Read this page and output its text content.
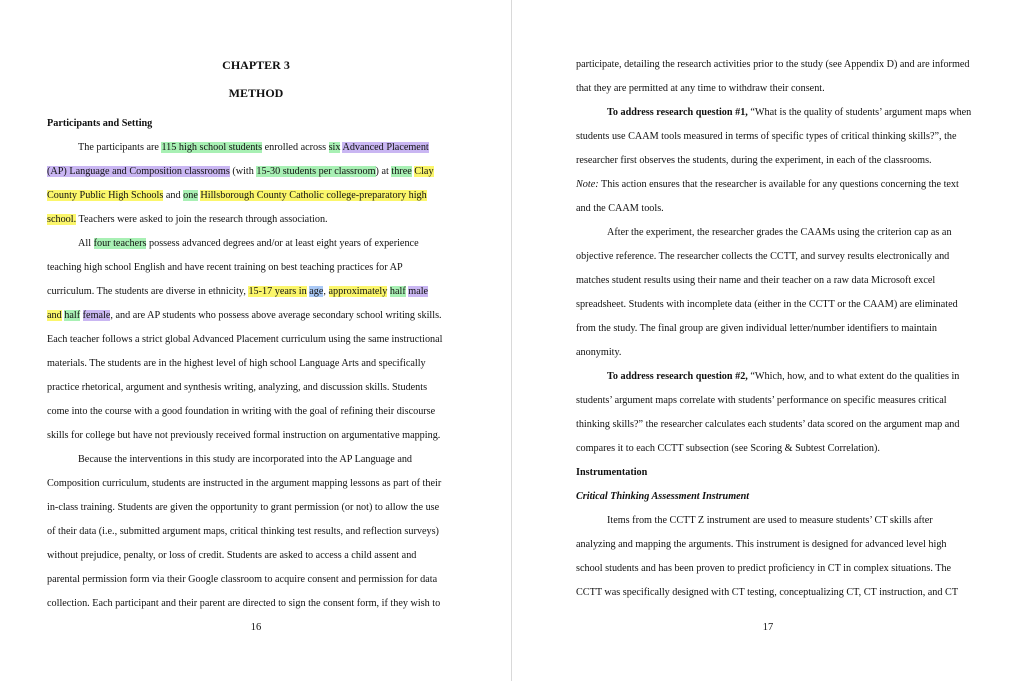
CHAPTER 3
METHOD
Participants and Setting
The participants are 115 high school students enrolled across six Advanced Placement
(AP) Language and Composition classrooms (with 15-30 students per classroom) at three Clay
County Public High Schools and one Hillsborough County Catholic college-preparatory high
school. Teachers were asked to join the research through association.
All four teachers possess advanced degrees and/or at least eight years of experience
teaching high school English and have recent training on best teaching practices for AP
curriculum. The students are diverse in ethnicity, 15-17 years in age, approximately half male
and half female, and are AP students who possess above average secondary school writing skills.
Each teacher follows a strict global Advanced Placement curriculum using the same instructional
materials. The students are in the highest level of high school Language Arts and specifically
practice rhetorical, argument and synthesis writing, analyzing, and discussion skills. Students
come into the course with a good foundation in writing with the goal of refining their discourse
skills for college but have not previously received formal instruction on argumentative mapping.
Because the interventions in this study are incorporated into the AP Language and
Composition curriculum, students are instructed in the argument mapping lessons as part of their
in-class training. Students are given the opportunity to grant permission (or not) to allow the use
of their data (i.e., submitted argument maps, critical thinking test results, and reflection surveys)
without prejudice, penalty, or loss of credit. Students are asked to access a child assent and
parental permission form via their Google classroom to acquire consent and permission for data
collection. Each participant and their parent are directed to sign the consent form, if they wish to
16
participate, detailing the research activities prior to the study (see Appendix D) and are informed
that they are permitted at any time to withdraw their consent.
To address research question #1, “What is the quality of students’ argument maps when
students use CAAM tools measured in terms of specific types of critical thinking skills?”, the
researcher first observes the students, during the experiment, in each of the classrooms.
Note: This action ensures that the researcher is available for any questions concerning the text
and the CAAM tools.
After the experiment, the researcher grades the CAAMs using the criterion cap as an
objective reference. The researcher collects the CCTT, and survey results electronically and
matches student results using their name and their teacher on a raw data Microsoft excel
spreadsheet. Students with incomplete data (either in the CCTT or the CAAM) are eliminated
from the study. The final group are given individual letter/number identifiers to maintain
anonymity.
To address research question #2, “Which, how, and to what extent do the qualities in
students’ argument maps correlate with students’ performance on specific measures critical
thinking skills?” the researcher calculates each students’ data scored on the argument map and
compares it to each CCTT subsection (see Scoring & Subtest Correlation).
Instrumentation
Critical Thinking Assessment Instrument
Items from the CCTT Z instrument are used to measure students’ CT skills after
analyzing and mapping the arguments. This instrument is designed for advanced level high
school students and has been proven to predict proficiency in CT in complex situations. The
CCTT was specifically designed with CT testing, conceptualizing CT, CT instruction, and CT
17
